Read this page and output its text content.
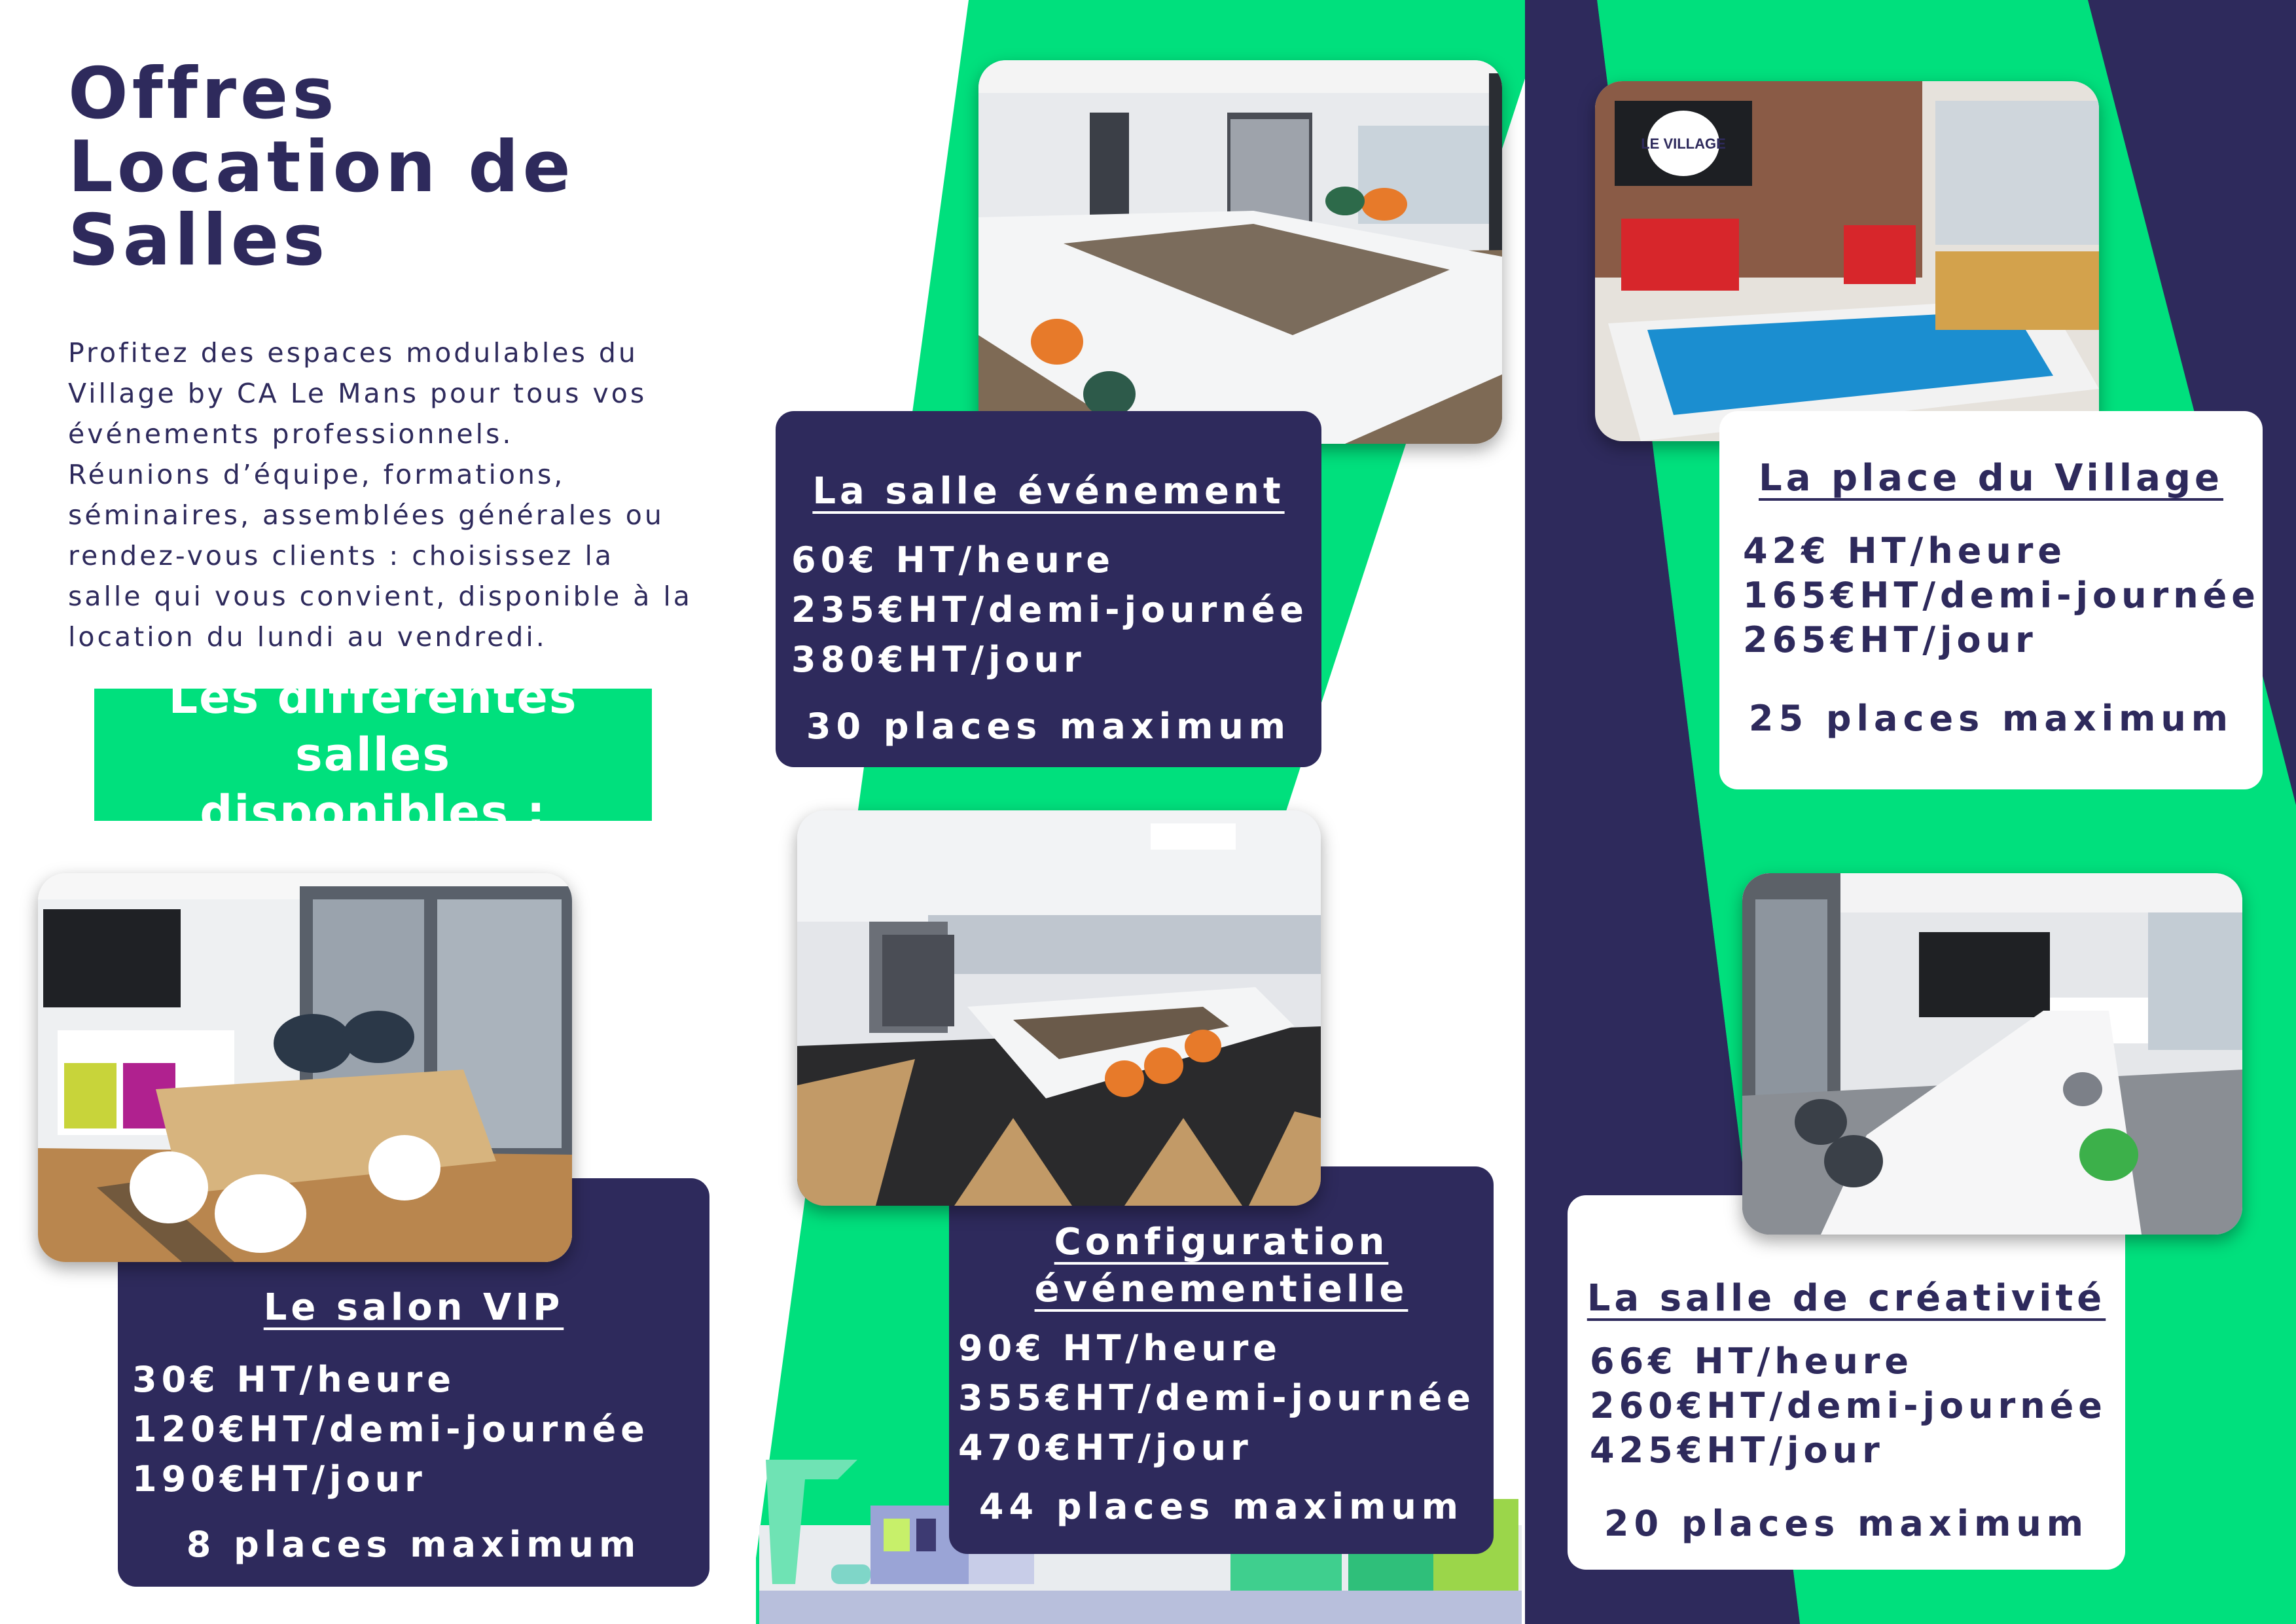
Offres
Location de
Salles
Profitez des espaces modulables du
Village by CA Le Mans pour tous vos
événements professionnels.
Réunions d’équipe, formations,
séminaires, assemblées générales ou
rendez-vous clients : choisissez la
salle qui vous convient, disponible à la
location du lundi au vendredi.
Les différentes salles
disponibles :
Le salon VIP
30€ HT/heure
120€HT/demi-journée
190€HT/jour
8 places maximum
La salle événement
60€ HT/heure
235€HT/demi-journée
380€HT/jour
30 places maximum
Configuration
événementielle
90€ HT/heure
355€HT/demi-journée
470€HT/jour
44 places maximum
LE VILLAGE
La place du Village
42€ HT/heure
165€HT/demi-journée
265€HT/jour
25 places maximum
La salle de créativité
66€ HT/heure
260€HT/demi-journée
425€HT/jour
20 places maximum
